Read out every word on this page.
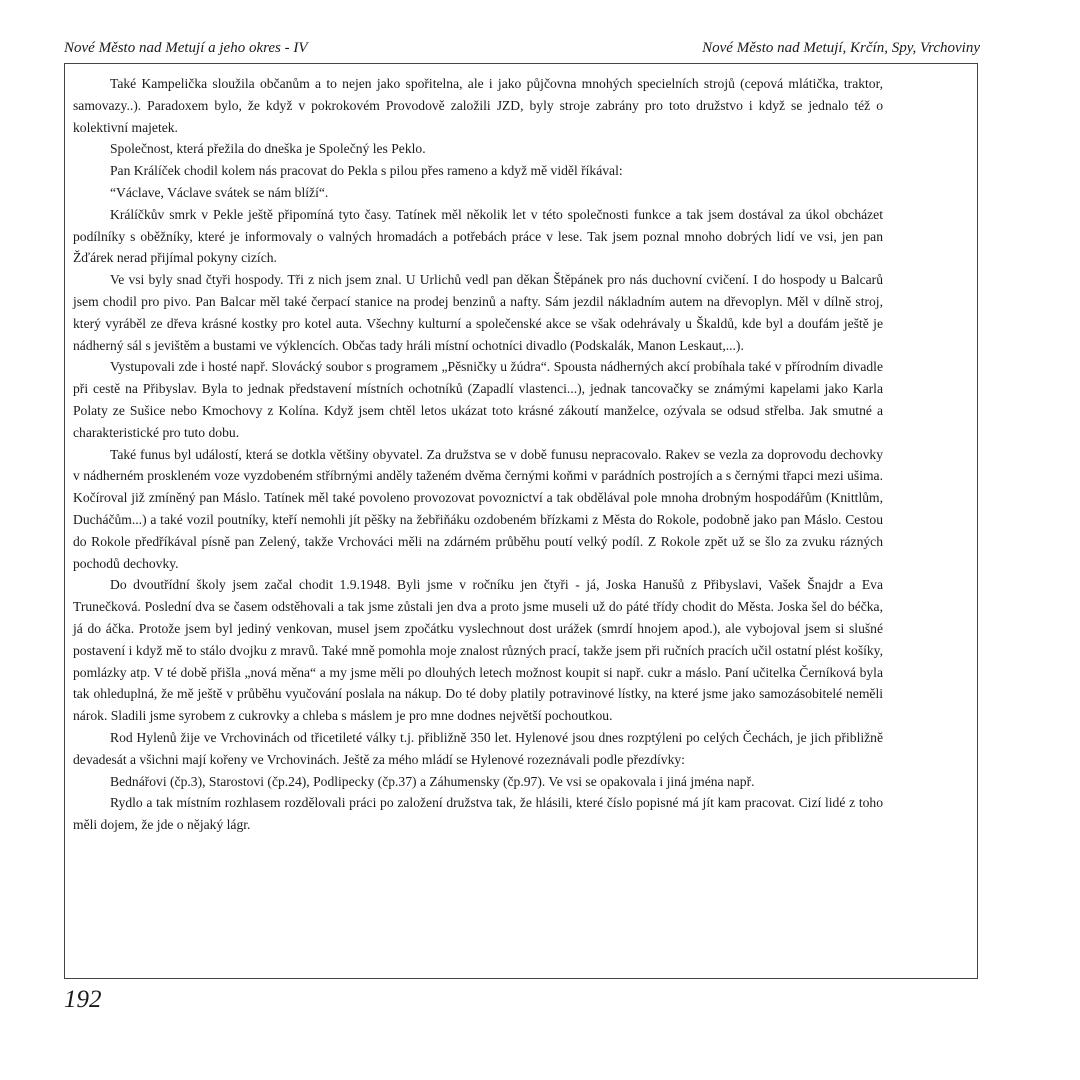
Nové Město nad Metují a jeho okres - IV	Nové Město nad Metují, Krčín, Spy, Vrchoviny

Také Kampelička sloužila občanům a to nejen jako spořitelna, ale i jako půjčovna mnohých specielních strojů (cepová mlátička, traktor, samovazy..). Paradoxem bylo, že když v pokrokovém Provodově založili JZD, byly stroje zabrány pro toto družstvo i když se jednalo též o kolektivní majetek.

Společnost, která přežila do dneška je Společný les Peklo.

Pan Králíček chodil kolem nás pracovat do Pekla s pilou přes rameno a když mě viděl říkával:

“Václave, Václave svátek se nám blíží“.

Králíčkův smrk v Pekle ještě připomíná tyto časy. Tatínek měl několik let v této společnosti funkce a tak jsem dostával za úkol obcházet podílníky s oběžníky, které je informovaly o valných hromadách a potřebách práce v lese. Tak jsem poznal mnoho dobrých lidí ve vsi, jen pan Žďárek nerad přijímal pokyny cizích.

Ve vsi byly snad čtyři hospody. Tři z nich jsem znal. U Urlichů vedl pan děkan Štěpánek pro nás duchovní cvičení. I do hospody u Balcarů jsem chodil pro pivo. Pan Balcar měl také čerpací stanice na prodej benzinů a nafty. Sám jezdil nákladním autem na dřevoplyn. Měl v dílně stroj, který vyráběl ze dřeva krásné kostky pro kotel auta. Všechny kulturní a společenské akce se však odehrávaly u Škaldů, kde byl a doufám ještě je nádherný sál s jevištěm a bustami ve výklencích. Občas tady hráli místní ochotníci divadlo (Podskalák, Manon Leskaut,...).

Vystupovali zde i hosté např. Slovácký soubor s programem „Pěsničky u žúdra“. Spousta nádherných akcí probíhala také v přírodním divadle při cestě na Přibyslav. Byla to jednak představení místních ochotníků (Zapadlí vlastenci...), jednak tancovačky se známými kapelami jako Karla Polaty ze Sušice nebo Kmochovy z Kolína. Když jsem chtěl letos ukázat toto krásné zákoutí manželce, ozývala se odsud střelba. Jak smutné a charakteristické pro tuto dobu.

Také funus byl událostí, která se dotkla většiny obyvatel. Za družstva se v době funusu nepracovalo. Rakev se vezla za doprovodu dechovky v nádherném proskleném voze vyzdobeném stříbrnými anděly taženém dvěma černými koňmi v parádních postrojích a s černými třapci mezi ušima. Kočíroval již zmíněný pan Máslo. Tatínek měl také povoleno provozovat povoznictví a tak obdělával pole mnoha drobným hospodářům (Knittlům, Ducháčům...) a také vozil poutníky, kteří nemohli jít pěšky na žebřiňáku ozdobeném břízkami z Města do Rokole, podobně jako pan Máslo. Cestou do Rokole předříkával písně pan Zelený, takže Vrchováci měli na zdárném průběhu poutí velký podíl. Z Rokole zpět už se šlo za zvuku rázných pochodů dechovky.

Do dvoutřídní školy jsem začal chodit 1.9.1948. Byli jsme v ročníku jen čtyři - já, Joska Hanušů z Přibyslavi, Vašek Šnajdr a Eva Trunečková. Poslední dva se časem odstěhovali a tak jsme zůstali jen dva a proto jsme museli už do páté třídy chodit do Města. Joska šel do béčka, já do áčka. Protože jsem byl jediný venkovan, musel jsem zpočátku vyslechnout dost urážek (smrdí hnojem apod.), ale vybojoval jsem si slušné postavení i když mě to stálo dvojku z mravů. Také mně pomohla moje znalost různých prací, takže jsem při ručních pracích učil ostatní plést košíky, pomlázky atp. V té době přišla „nová měna“ a my jsme měli po dlouhých letech možnost koupit si např. cukr a máslo. Paní učitelka Černíková byla tak ohleduplná, že mě ještě v průběhu vyučování poslala na nákup. Do té doby platily potravinové lístky, na které jsme jako samozásobitelé neměli nárok. Sladili jsme syrobem z cukrovky a chleba s máslem je pro mne dodnes největší pochoutkou.

Rod Hylenů žije ve Vrchovinách od třicetileté války t.j. přibližně 350 let. Hylenové jsou dnes rozptýleni po celých Čechách, je jich přibližně devadesát a všichni mají kořeny ve Vrchovinách. Ještě za mého mládí se Hylenové rozeznávali podle přezdívky:

Bednářovi (čp.3), Starostovi (čp.24), Podlipecky (čp.37) a Záhumensky (čp.97). Ve vsi se opakovala i jiná jména např.

Rydlo a tak místním rozhlasem rozdělovali práci po založení družstva tak, že hlásili, které číslo popisné má jít kam pracovat. Cizí lidé z toho měli dojem, že jde o nějaký lágr.

192
